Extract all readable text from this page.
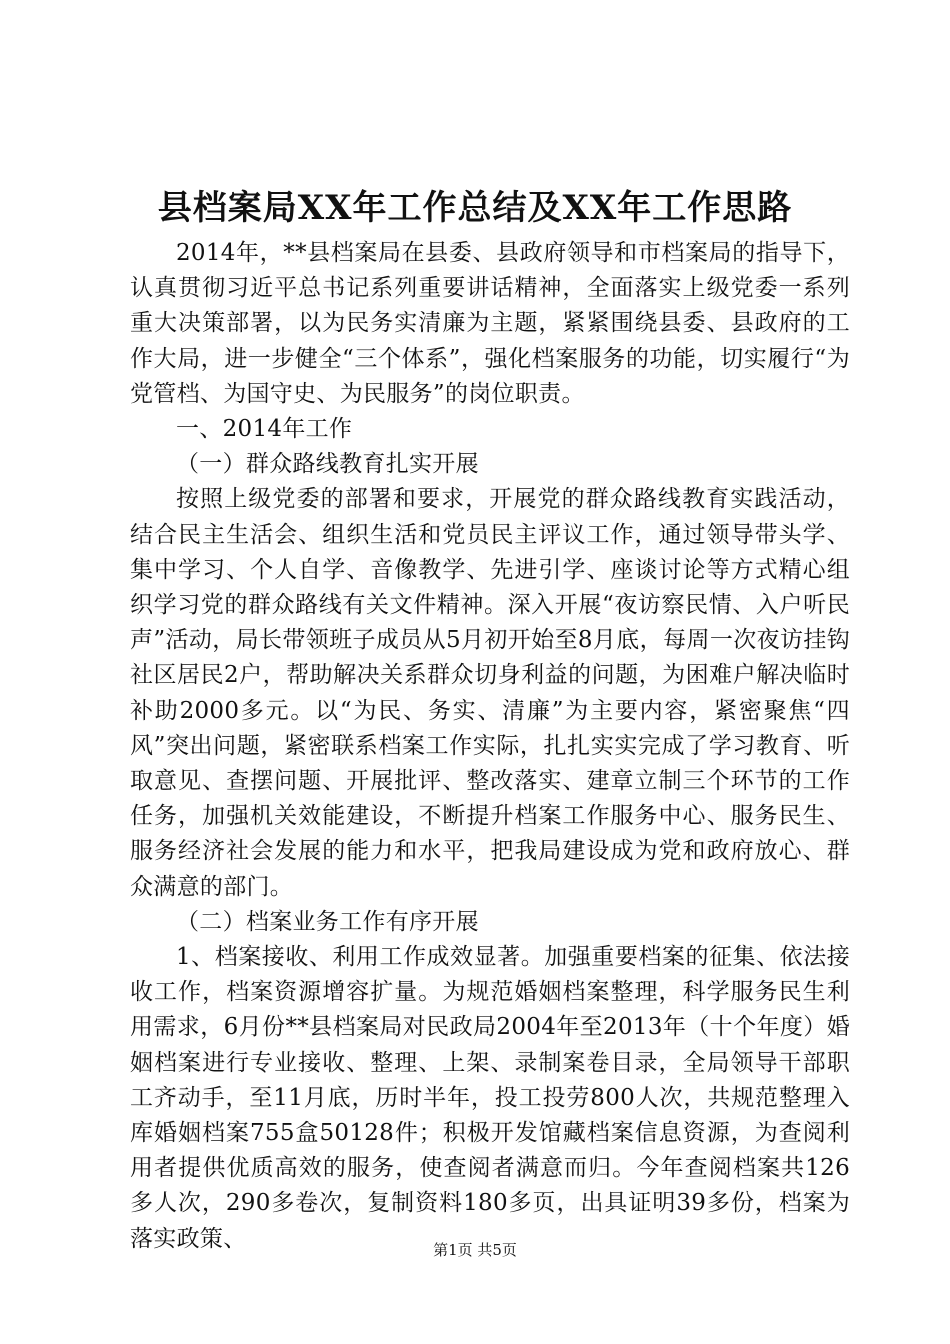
县档案局XX年工作总结及XX年工作思路

2014年，**县档案局在县委、县政府领导和市档案局的指导下，认真贯彻习近平总书记系列重要讲话精神，全面落实上级党委一系列重大决策部署，以为民务实清廉为主题，紧紧围绕县委、县政府的工作大局，进一步健全“三个体系”，强化档案服务的功能，切实履行“为党管档、为国守史、为民服务”的岗位职责。

一、2014年工作

（一）群众路线教育扎实开展

按照上级党委的部署和要求，开展党的群众路线教育实践活动，结合民主生活会、组织生活和党员民主评议工作，通过领导带头学、集中学习、个人自学、音像教学、先进引学、座谈讨论等方式精心组织学习党的群众路线有关文件精神。深入开展“夜访察民情、入户听民声”活动，局长带领班子成员从5月初开始至8月底，每周一次夜访挂钩社区居民2户，帮助解决关系群众切身利益的问题，为困难户解决临时补助2000多元。以“为民、务实、清廉”为主要内容，紧密聚焦“四风”突出问题，紧密联系档案工作实际，扎扎实实完成了学习教育、听取意见、查摆问题、开展批评、整改落实、建章立制三个环节的工作任务，加强机关效能建设，不断提升档案工作服务中心、服务民生、服务经济社会发展的能力和水平，把我局建设成为党和政府放心、群众满意的部门。

（二）档案业务工作有序开展

1、档案接收、利用工作成效显著。加强重要档案的征集、依法接收工作，档案资源增容扩量。为规范婚姻档案整理，科学服务民生利用需求，6月份**县档案局对民政局2004年至2013年（十个年度）婚姻档案进行专业接收、整理、上架、录制案卷目录，全局领导干部职工齐动手，至11月底，历时半年，投工投劳800人次，共规范整理入库婚姻档案755盒50128件；积极开发馆藏档案信息资源，为查阅利用者提供优质高效的服务，使查阅者满意而归。今年查阅档案共126多人次，290多卷次，复制资料180多页，出具证明39多份，档案为落实政策、	第1页 共5页
